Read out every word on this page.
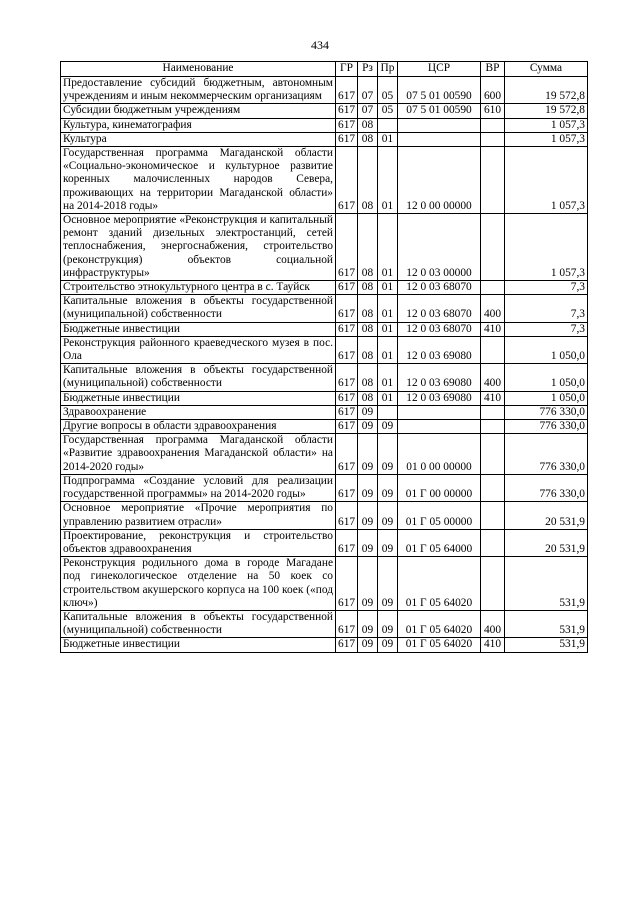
434
Наименование	ГР	Рз	Пр	ЦСР	ВР	Сумма
Предоставление субсидий бюджетным, автономным учреждениям и иным некоммерческим организациям	617	07	05	07 5 01 00590	600	19 572,8
Субсидии бюджетным учреждениям	617	07	05	07 5 01 00590	610	19 572,8
Культура, кинематография	617	08				1 057,3
Культура	617	08	01			1 057,3
Государственная программа Магаданской области «Социально-экономическое и культурное развитие коренных малочисленных народов Севера, проживающих на территории Магаданской области» на 2014-2018 годы»	617	08	01	12 0 00 00000		1 057,3
Основное мероприятие «Реконструкция и капитальный ремонт зданий дизельных электростанций, сетей теплоснабжения, энергоснабжения, строительство (реконструкция) объектов социальной инфраструктуры»	617	08	01	12 0 03 00000		1 057,3
Строительство этнокультурного центра в с. Тауйск	617	08	01	12 0 03 68070		7,3
Капитальные вложения в объекты государственной (муниципальной) собственности	617	08	01	12 0 03 68070	400	7,3
Бюджетные инвестиции	617	08	01	12 0 03 68070	410	7,3
Реконструкция районного краеведческого музея в пос. Ола	617	08	01	12 0 03 69080		1 050,0
Капитальные вложения в объекты государственной (муниципальной) собственности	617	08	01	12 0 03 69080	400	1 050,0
Бюджетные инвестиции	617	08	01	12 0 03 69080	410	1 050,0
Здравоохранение	617	09				776 330,0
Другие вопросы в области здравоохранения	617	09	09			776 330,0
Государственная программа Магаданской области «Развитие здравоохранения Магаданской области» на 2014-2020 годы»	617	09	09	01 0 00 00000		776 330,0
Подпрограмма «Создание условий для реализации государственной программы» на 2014-2020 годы»	617	09	09	01 Г 00 00000		776 330,0
Основное мероприятие «Прочие мероприятия по управлению развитием отрасли»	617	09	09	01 Г 05 00000		20 531,9
Проектирование, реконструкция и строительство объектов здравоохранения	617	09	09	01 Г 05 64000		20 531,9
Реконструкция родильного дома в городе Магадане под гинекологическое отделение на 50 коек со строительством акушерского корпуса на 100 коек («под ключ»)	617	09	09	01 Г 05 64020		531,9
Капитальные вложения в объекты государственной (муниципальной) собственности	617	09	09	01 Г 05 64020	400	531,9
Бюджетные инвестиции	617	09	09	01 Г 05 64020	410	531,9
